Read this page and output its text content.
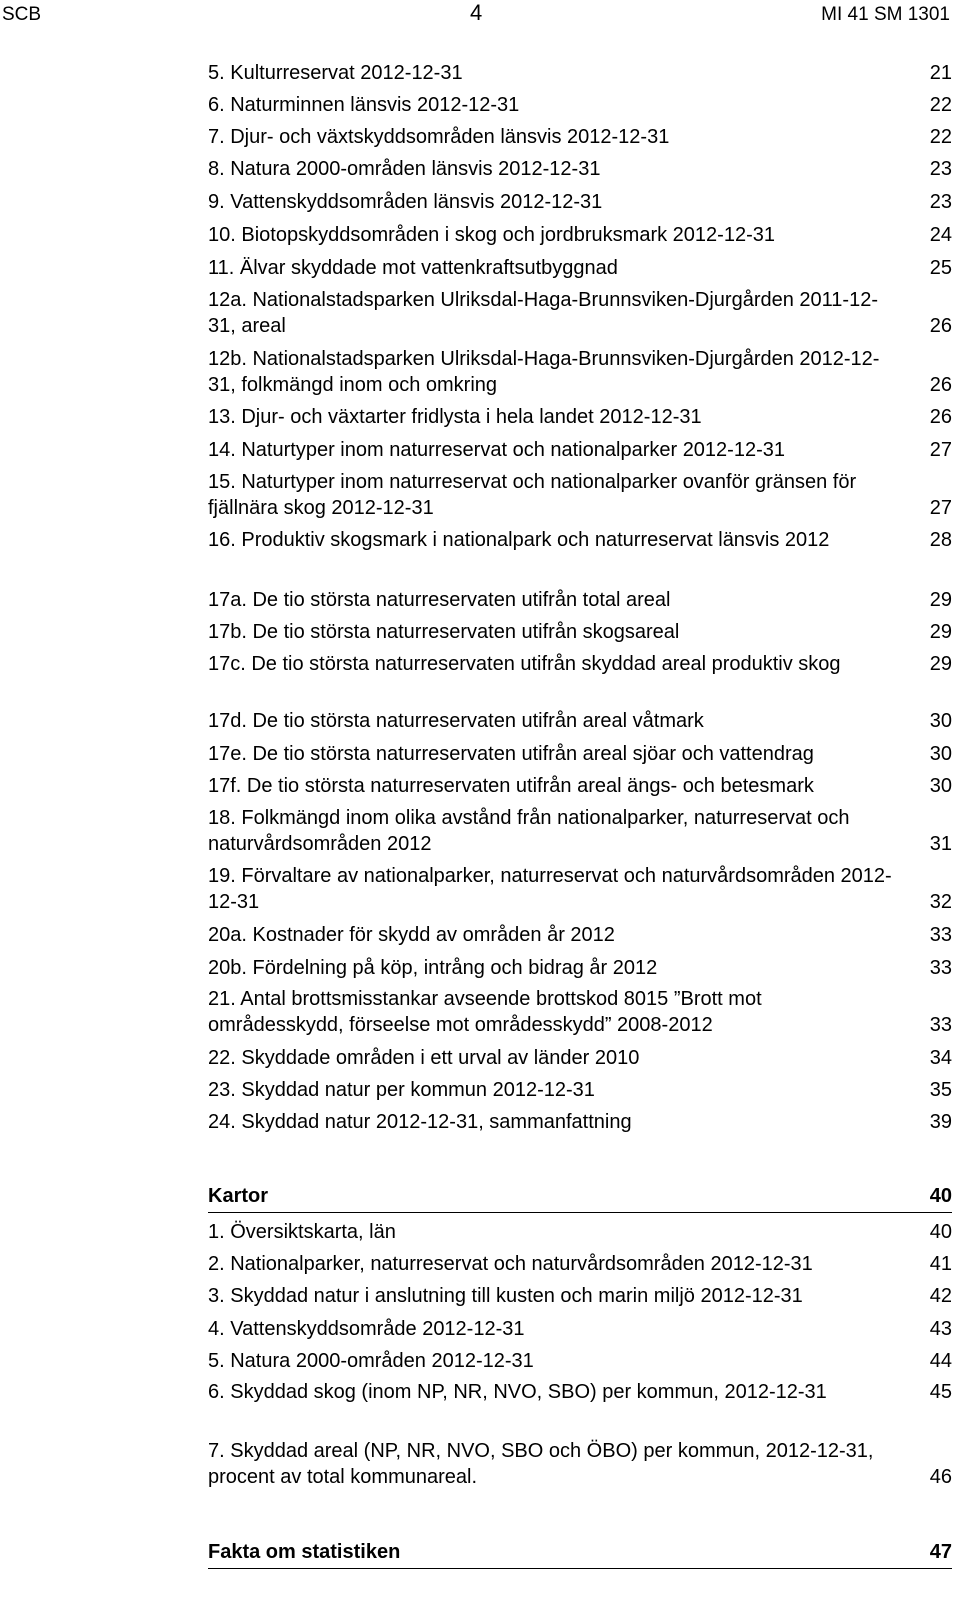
SCB	4	MI 41 SM 1301
5. Kulturreservat 2012-12-31	21
6. Naturminnen länsvis 2012-12-31	22
7. Djur- och växtskyddsområden länsvis 2012-12-31	22
8. Natura 2000-områden länsvis 2012-12-31	23
9. Vattenskyddsområden länsvis 2012-12-31	23
10. Biotopskyddsområden i skog och jordbruksmark 2012-12-31	24
11. Älvar skyddade mot vattenkraftsutbyggnad	25
12a. Nationalstadsparken Ulriksdal-Haga-Brunnsviken-Djurgården 2011-12-31, areal	26
12b. Nationalstadsparken Ulriksdal-Haga-Brunnsviken-Djurgården 2012-12-31, folkmängd inom och omkring	26
13. Djur- och växtarter fridlysta i hela landet 2012-12-31	26
14. Naturtyper inom naturreservat och nationalparker 2012-12-31	27
15. Naturtyper inom naturreservat och nationalparker ovanför gränsen för fjällnära skog 2012-12-31	27
16. Produktiv skogsmark i nationalpark och naturreservat länsvis 2012	28
17a. De tio största naturreservaten utifrån total areal	29
17b. De tio största naturreservaten utifrån skogsareal	29
17c. De tio största naturreservaten utifrån skyddad areal produktiv skog	29
17d. De tio största naturreservaten utifrån areal våtmark	30
17e. De tio största naturreservaten utifrån areal sjöar och vattendrag	30
17f. De tio största naturreservaten utifrån areal ängs- och betesmark	30
18. Folkmängd inom olika avstånd från nationalparker, naturreservat och naturvårdsområden 2012	31
19. Förvaltare av nationalparker, naturreservat och naturvårdsområden 2012-12-31	32
20a. Kostnader för skydd av områden år 2012	33
20b. Fördelning på köp, intrång och bidrag år 2012	33
21. Antal brottsmisstankar avseende brottskod 8015 ”Brott mot områdesskydd, förseelse mot områdesskydd” 2008-2012	33
22. Skyddade områden i ett urval av länder 2010	34
23. Skyddad natur per kommun 2012-12-31	35
24. Skyddad natur 2012-12-31, sammanfattning	39
Kartor	40
1. Översiktskarta, län	40
2. Nationalparker, naturreservat och naturvårdsområden 2012-12-31	41
3. Skyddad natur i anslutning till kusten och marin miljö 2012-12-31	42
4. Vattenskyddsområde 2012-12-31	43
5. Natura 2000-områden 2012-12-31	44
6. Skyddad skog (inom NP, NR, NVO, SBO) per kommun, 2012-12-31	45
7. Skyddad areal (NP, NR, NVO, SBO och ÖBO) per kommun, 2012-12-31, procent av total kommunareal.	46
Fakta om statistiken	47
